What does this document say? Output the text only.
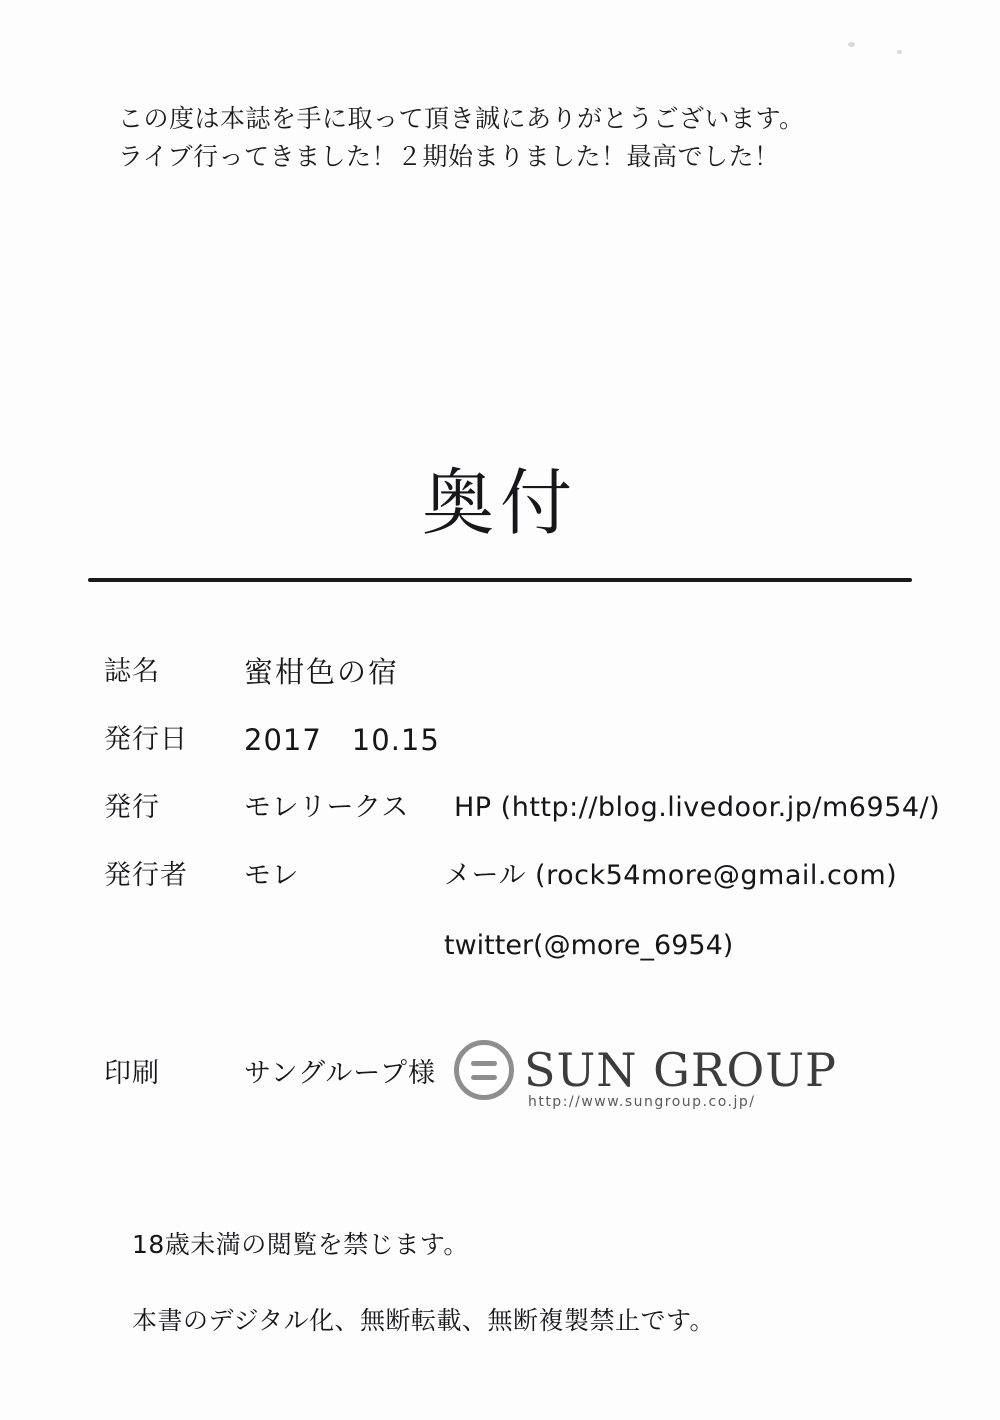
この度は本誌を手に取って頂き誠にありがとうございます。
ライブ行ってきました！２期始まりました！最高でした！
奥付
誌名	蜜柑色の宿
発行日	2017　10.15
発行	モレリークス HP (http://blog.livedoor.jp/m6954/)
発行者	モレ	メール (rock54more@gmail.com)
twitter(@more_6954)
印刷	サングループ様 SUN GROUP
http://www.sungroup.co.jp/
18歳未満の閲覧を禁じます。
本書のデジタル化、無断転載、無断複製禁止です。
